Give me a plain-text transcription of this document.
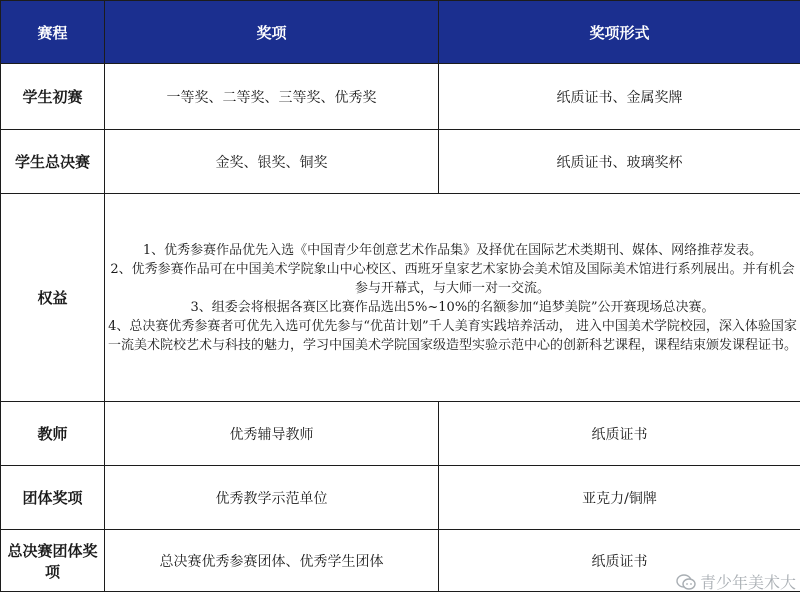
赛程	奖项	奖项形式
学生初赛	一等奖、二等奖、三等奖、优秀奖	纸质证书、金属奖牌
学生总决赛	金奖、银奖、铜奖	纸质证书、玻璃奖杯
权益	1、优秀参赛作品优先入选《中国青少年创意艺术作品集》及择优在国际艺术类期刊、媒体、网络推荐发表。
2、优秀参赛作品可在中国美术学院象山中心校区、西班牙皇家艺术家协会美术馆及国际美术馆进行系列展出。并有机会参与开幕式，与大师一对一交流。
3、组委会将根据各赛区比赛作品选出5%~10%的名额参加“追梦美院”公开赛现场总决赛。
4、总决赛优秀参赛者可优先入选可优先参与“优苗计划”千人美育实践培养活动， 进入中国美术学院校园，深入体验国家一流美术院校艺术与科技的魅力，学习中国美术学院国家级造型实验示范中心的创新科艺课程，课程结束颁发课程证书。	

教师	优秀辅导教师	纸质证书
团体奖项	优秀教学示范单位	亚克力/铜牌
总决赛团体奖项	总决赛优秀参赛团体、优秀学生团体	纸质证书
青少年美术大
